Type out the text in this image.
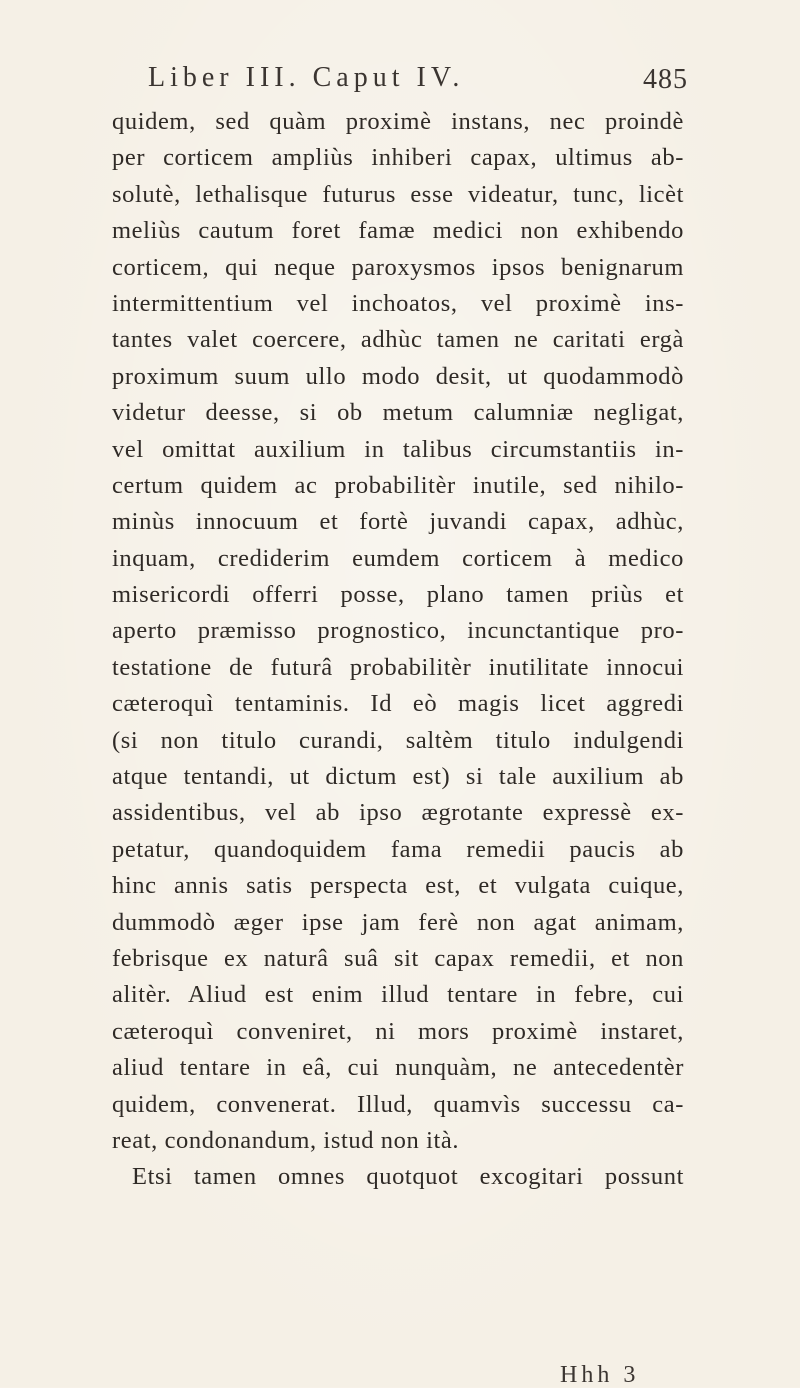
Liber III. Caput IV.	485
quidem, sed quàm proximè instans, nec proindè
per corticem ampliùs inhiberi capax, ultimus ab-
solutè, lethalisque futurus esse videatur, tunc, licèt
meliùs cautum foret famæ medici non exhibendo
corticem, qui neque paroxysmos ipsos benignarum
intermittentium vel inchoatos, vel proximè ins-
tantes valet coercere, adhùc tamen ne caritati ergà
proximum suum ullo modo desit, ut quodammodò
videtur deesse, si ob metum calumniæ negligat,
vel omittat auxilium in talibus circumstantiis in-
certum quidem ac probabilitèr inutile, sed nihilo-
minùs innocuum et fortè juvandi capax, adhùc,
inquam, crediderim eumdem corticem à medico
misericordi offerri posse, plano tamen priùs et
aperto præmisso prognostico, incunctantique pro-
testatione de futurâ probabilitèr inutilitate innocui
cæteroquì tentaminis. Id eò magis licet aggredi
(si non titulo curandi, saltèm titulo indulgendi
atque tentandi, ut dictum est) si tale auxilium ab
assidentibus, vel ab ipso ægrotante expressè ex-
petatur, quandoquidem fama remedii paucis ab
hinc annis satis perspecta est, et vulgata cuique,
dummodò æger ipse jam ferè non agat animam,
febrisque ex naturâ suâ sit capax remedii, et non
alitèr. Aliud est enim illud tentare in febre, cui
cæteroquì conveniret, ni mors proximè instaret,
aliud tentare in eâ, cui nunquàm, ne antecedentèr
quidem, convenerat. Illud, quamvìs successu ca-
reat, condonandum, istud non ità.
Etsi tamen omnes quotquot excogitari possunt
Hhh 3
